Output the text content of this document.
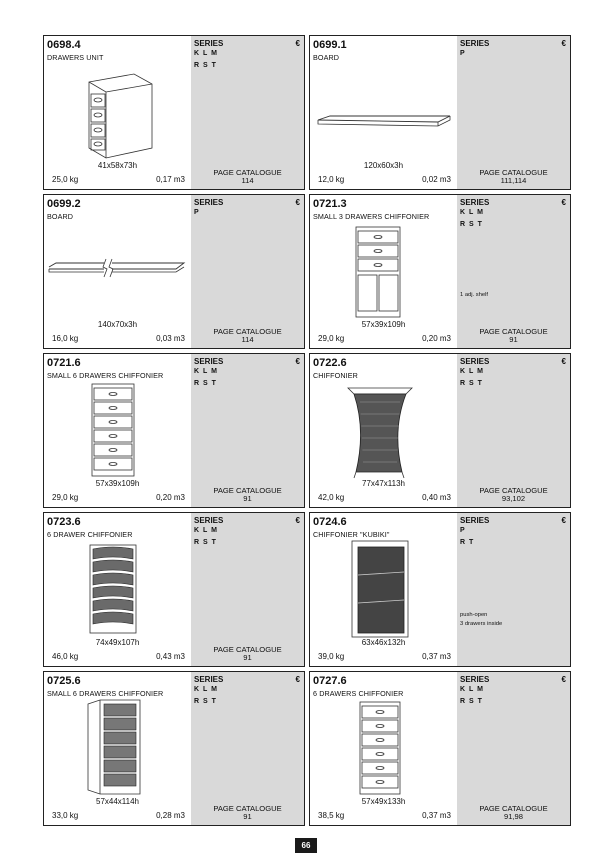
0698.4
DRAWERS UNIT
41x58x73h
25,0 kg	0,17 m3
SERIES	€
K L M
R S T
PAGE CATALOGUE
114
0699.1
BOARD
120x60x3h
12,0 kg	0,02 m3
SERIES	€
P
PAGE CATALOGUE
111,114
0699.2
BOARD
140x70x3h
16,0 kg	0,03 m3
SERIES	€
P
PAGE CATALOGUE
114
0721.3
SMALL 3 DRAWERS CHIFFONIER
57x39x109h
29,0 kg	0,20 m3
SERIES	€
K L M
R S T
1 adj. shelf
PAGE CATALOGUE
91
0721.6
SMALL 6 DRAWERS CHIFFONIER
57x39x109h
29,0 kg	0,20 m3
SERIES	€
K L M
R S T
PAGE CATALOGUE
91
0722.6
CHIFFONIER
77x47x113h
42,0 kg	0,40 m3
SERIES	€
K L M
R S T
PAGE CATALOGUE
93,102
0723.6
6 DRAWER CHIFFONIER
74x49x107h
46,0 kg	0,43 m3
SERIES	€
K L M
R S T
PAGE CATALOGUE
91
0724.6
CHIFFONIER "KUBIKI"
63x46x132h
39,0 kg	0,37 m3
SERIES	€
P
R T
push-open
3 drawers inside
0725.6
SMALL 6 DRAWERS CHIFFONIER
57x44x114h
33,0 kg	0,28 m3
SERIES	€
K L M
R S T
PAGE CATALOGUE
91
0727.6
6 DRAWERS CHIFFONIER
57x49x133h
38,5 kg	0,37 m3
SERIES	€
K L M
R S T
PAGE CATALOGUE
91,98
66
